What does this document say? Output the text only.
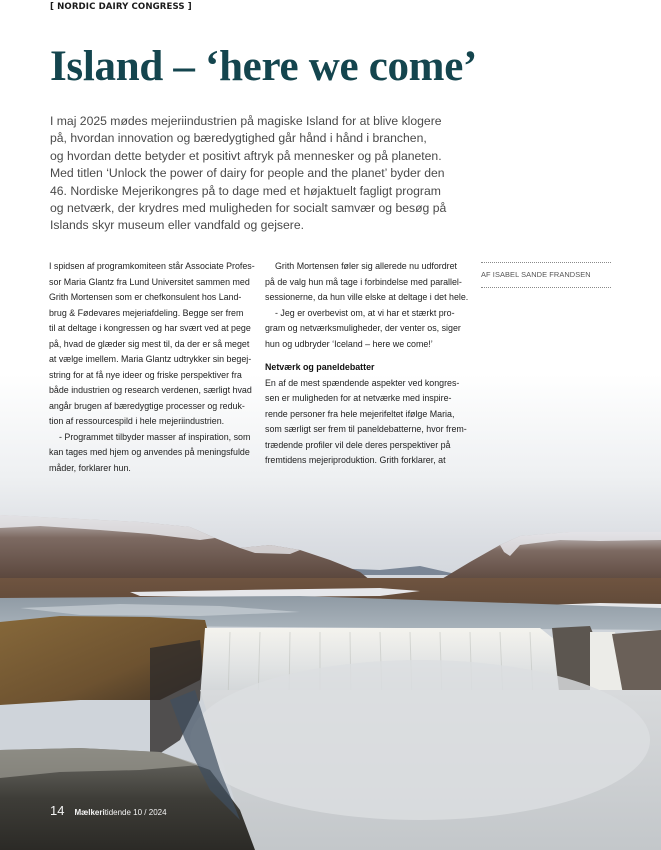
[ NORDIC DAIRY CONGRESS ]
Island – ‘here we come’
I maj 2025 mødes mejeriindustrien på magiske Island for at blive klogere
på, hvordan innovation og bæredygtighed går hånd i hånd i branchen,
og hvordan dette betyder et positivt aftryk på mennesker og på planeten.
Med titlen ‘Unlock the power of dairy for people and the planet’ byder den
46. Nordiske Mejerikongres på to dage med et højaktuelt fagligt program
og netværk, der krydres med muligheden for socialt samvær og besøg på
Islands skyr museum eller vandfald og gejsere.
I spidsen af programkomiteen står Associate Profes-
sor Maria Glantz fra Lund Universitet sammen med
Grith Mortensen som er chefkonsulent hos Land-
brug & Fødevares mejeriafdeling. Begge ser frem
til at deltage i kongressen og har svært ved at pege
på, hvad de glæder sig mest til, da der er så meget
at vælge imellem. Maria Glantz udtrykker sin begej-
string for at få nye ideer og friske perspektiver fra
både industrien og research verdenen, særligt hvad
angår brugen af bæredygtige processer og reduk-
tion af ressourcespild i hele mejeriindustrien.
- Programmet tilbyder masser af inspiration, som
kan tages med hjem og anvendes på meningsfulde
måder, forklarer hun.
Grith Mortensen føler sig allerede nu udfordret
på de valg hun må tage i forbindelse med parallel-
sessionerne, da hun ville elske at deltage i det hele.
- Jeg er overbevist om, at vi har et stærkt pro-
gram og netværksmuligheder, der venter os, siger
hun og udbryder ‘Iceland – here we come!’
Netværk og paneldebatter
En af de mest spændende aspekter ved kongres-
sen er muligheden for at netværke med inspire-
rende personer fra hele mejerifeltet ifølge Maria,
som særligt ser frem til paneldebatterne, hvor frem-
trædende profiler vil dele deres perspektiver på
fremtidens mejeriproduktion. Grith forklarer, at
AF ISABEL SANDE FRANDSEN
14 Mælkeritidende 10 / 2024
